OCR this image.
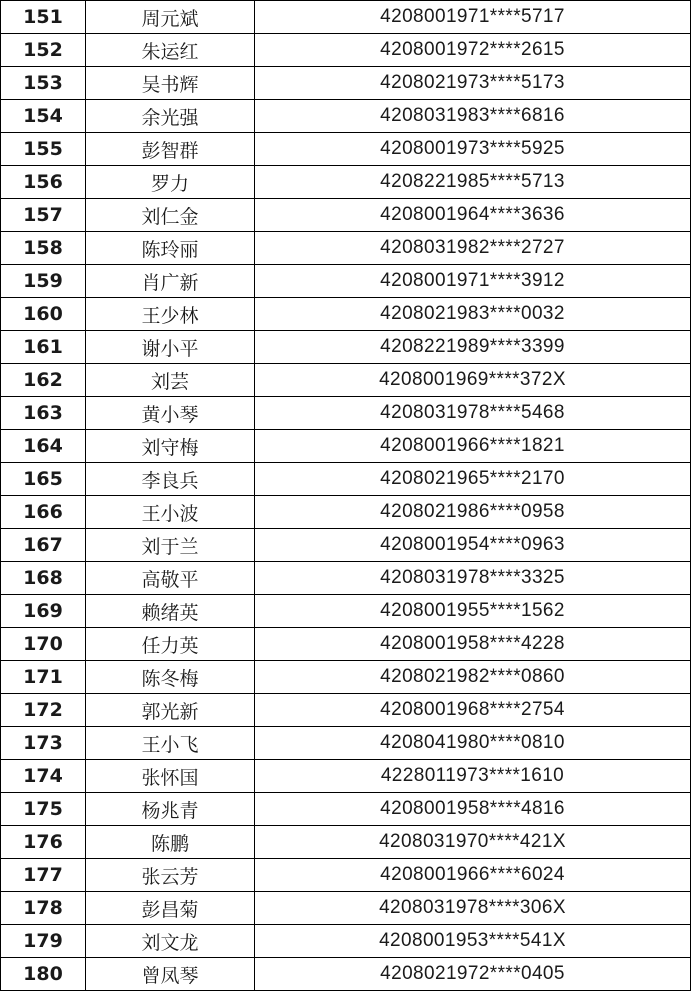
151	周元斌	4208001971****5717
152	朱运红	4208001972****2615
153	吴书辉	4208021973****5173
154	余光强	4208031983****6816
155	彭智群	4208001973****5925
156	罗力	4208221985****5713
157	刘仁金	4208001964****3636
158	陈玲丽	4208031982****2727
159	肖广新	4208001971****3912
160	王少林	4208021983****0032
161	谢小平	4208221989****3399
162	刘芸	4208001969****372X
163	黄小琴	4208031978****5468
164	刘守梅	4208001966****1821
165	李良兵	4208021965****2170
166	王小波	4208021986****0958
167	刘于兰	4208001954****0963
168	高敬平	4208031978****3325
169	赖绪英	4208001955****1562
170	任力英	4208001958****4228
171	陈冬梅	4208021982****0860
172	郭光新	4208001968****2754
173	王小飞	4208041980****0810
174	张怀国	4228011973****1610
175	杨兆青	4208001958****4816
176	陈鹏	4208031970****421X
177	张云芳	4208001966****6024
178	彭昌菊	4208031978****306X
179	刘文龙	4208001953****541X
180	曾凤琴	4208021972****0405
